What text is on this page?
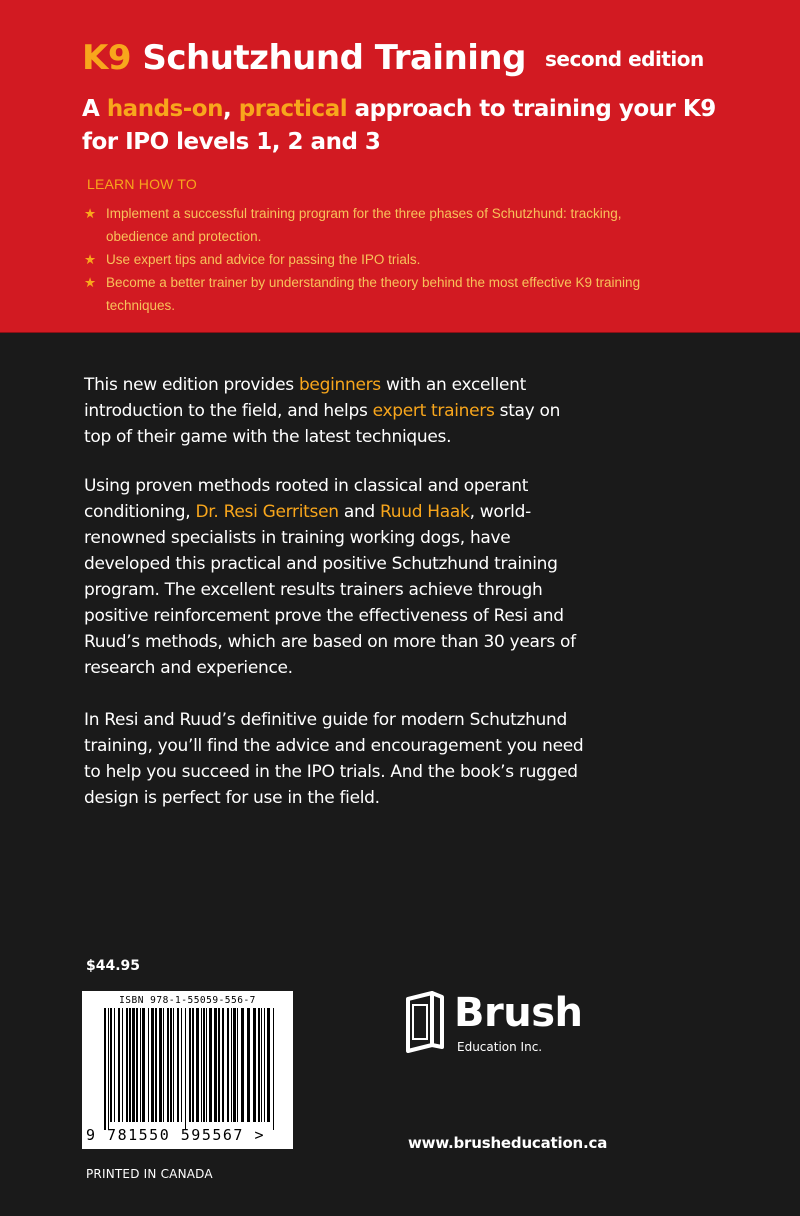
K9 Schutzhund Training second edition
A hands-on, practical approach to training your K9 for IPO levels 1, 2 and 3
LEARN HOW TO
★ Implement a successful training program for the three phases of Schutzhund: tracking, obedience and protection.
★ Use expert tips and advice for passing the IPO trials.
★ Become a better trainer by understanding the theory behind the most effective K9 training techniques.

This new edition provides beginners with an excellent introduction to the field, and helps expert trainers stay on top of their game with the latest techniques.

Using proven methods rooted in classical and operant conditioning, Dr. Resi Gerritsen and Ruud Haak, world-renowned specialists in training working dogs, have developed this practical and positive Schutzhund training program. The excellent results trainers achieve through positive reinforcement prove the effectiveness of Resi and Ruud’s methods, which are based on more than 30 years of research and experience.

In Resi and Ruud’s definitive guide for modern Schutzhund training, you’ll find the advice and encouragement you need to help you succeed in the IPO trials. And the book’s rugged design is perfect for use in the field.

$44.95
ISBN 978-1-55059-556-7
9 781550 595567 >
PRINTED IN CANADA
Brush
Education Inc.
www.brusheducation.ca
